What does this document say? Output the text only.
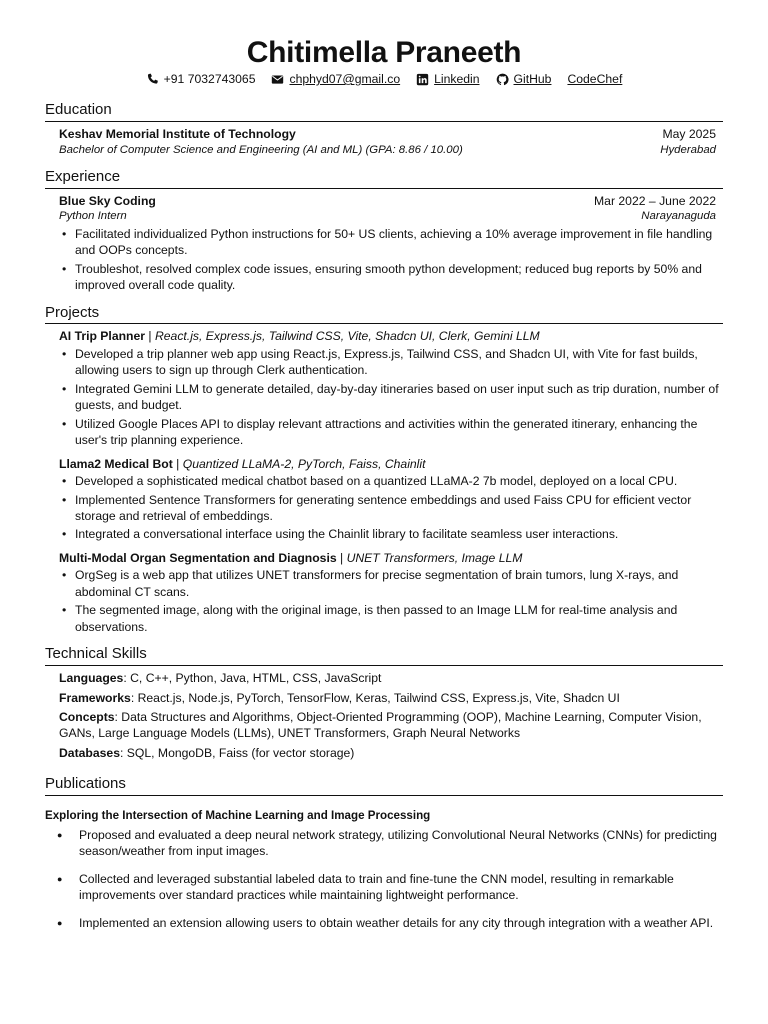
Chitimella Praneeth
+91 7032743065	chphyd07@gmail.co	Linkedin	GitHub CodeChef
Education
Keshav Memorial Institute of Technology	May 2025
Bachelor of Computer Science and Engineering (AI and ML) (GPA: 8.86 / 10.00)	Hyderabad
Experience
Blue Sky Coding	Mar 2022 – June 2022
Python Intern	Narayanaguda
• Facilitated individualized Python instructions for 50+ US clients, achieving a 10% average improvement in file handling and OOPs concepts.
• Troubleshot, resolved complex code issues, ensuring smooth python development; reduced bug reports by 50% and improved overall code quality.
Projects
AI Trip Planner | React.js, Express.js, Tailwind CSS, Vite, Shadcn UI, Clerk, Gemini LLM
• Developed a trip planner web app using React.js, Express.js, Tailwind CSS, and Shadcn UI, with Vite for fast builds, allowing users to sign up through Clerk authentication.
• Integrated Gemini LLM to generate detailed, day-by-day itineraries based on user input such as trip duration, number of guests, and budget.
• Utilized Google Places API to display relevant attractions and activities within the generated itinerary, enhancing the user's trip planning experience.
Llama2 Medical Bot | Quantized LLaMA-2, PyTorch, Faiss, Chainlit
• Developed a sophisticated medical chatbot based on a quantized LLaMA-2 7b model, deployed on a local CPU.
• Implemented Sentence Transformers for generating sentence embeddings and used Faiss CPU for efficient vector storage and retrieval of embeddings.
• Integrated a conversational interface using the Chainlit library to facilitate seamless user interactions.
Multi-Modal Organ Segmentation and Diagnosis | UNET Transformers, Image LLM
• OrgSeg is a web app that utilizes UNET transformers for precise segmentation of brain tumors, lung X-rays, and abdominal CT scans.
• The segmented image, along with the original image, is then passed to an Image LLM for real-time analysis and observations.
Technical Skills
Languages: C, C++, Python, Java, HTML, CSS, JavaScript
Frameworks: React.js, Node.js, PyTorch, TensorFlow, Keras, Tailwind CSS, Express.js, Vite, Shadcn UI
Concepts: Data Structures and Algorithms, Object-Oriented Programming (OOP), Machine Learning, Computer Vision, GANs, Large Language Models (LLMs), UNET Transformers, Graph Neural Networks
Databases: SQL, MongoDB, Faiss (for vector storage)
Publications
Exploring the Intersection of Machine Learning and Image Processing
● Proposed and evaluated a deep neural network strategy, utilizing Convolutional Neural Networks (CNNs) for predicting season/weather from input images.
● Collected and leveraged substantial labeled data to train and fine-tune the CNN model, resulting in remarkable improvements over standard practices while maintaining lightweight performance.
● Implemented an extension allowing users to obtain weather details for any city through integration with a weather API.
